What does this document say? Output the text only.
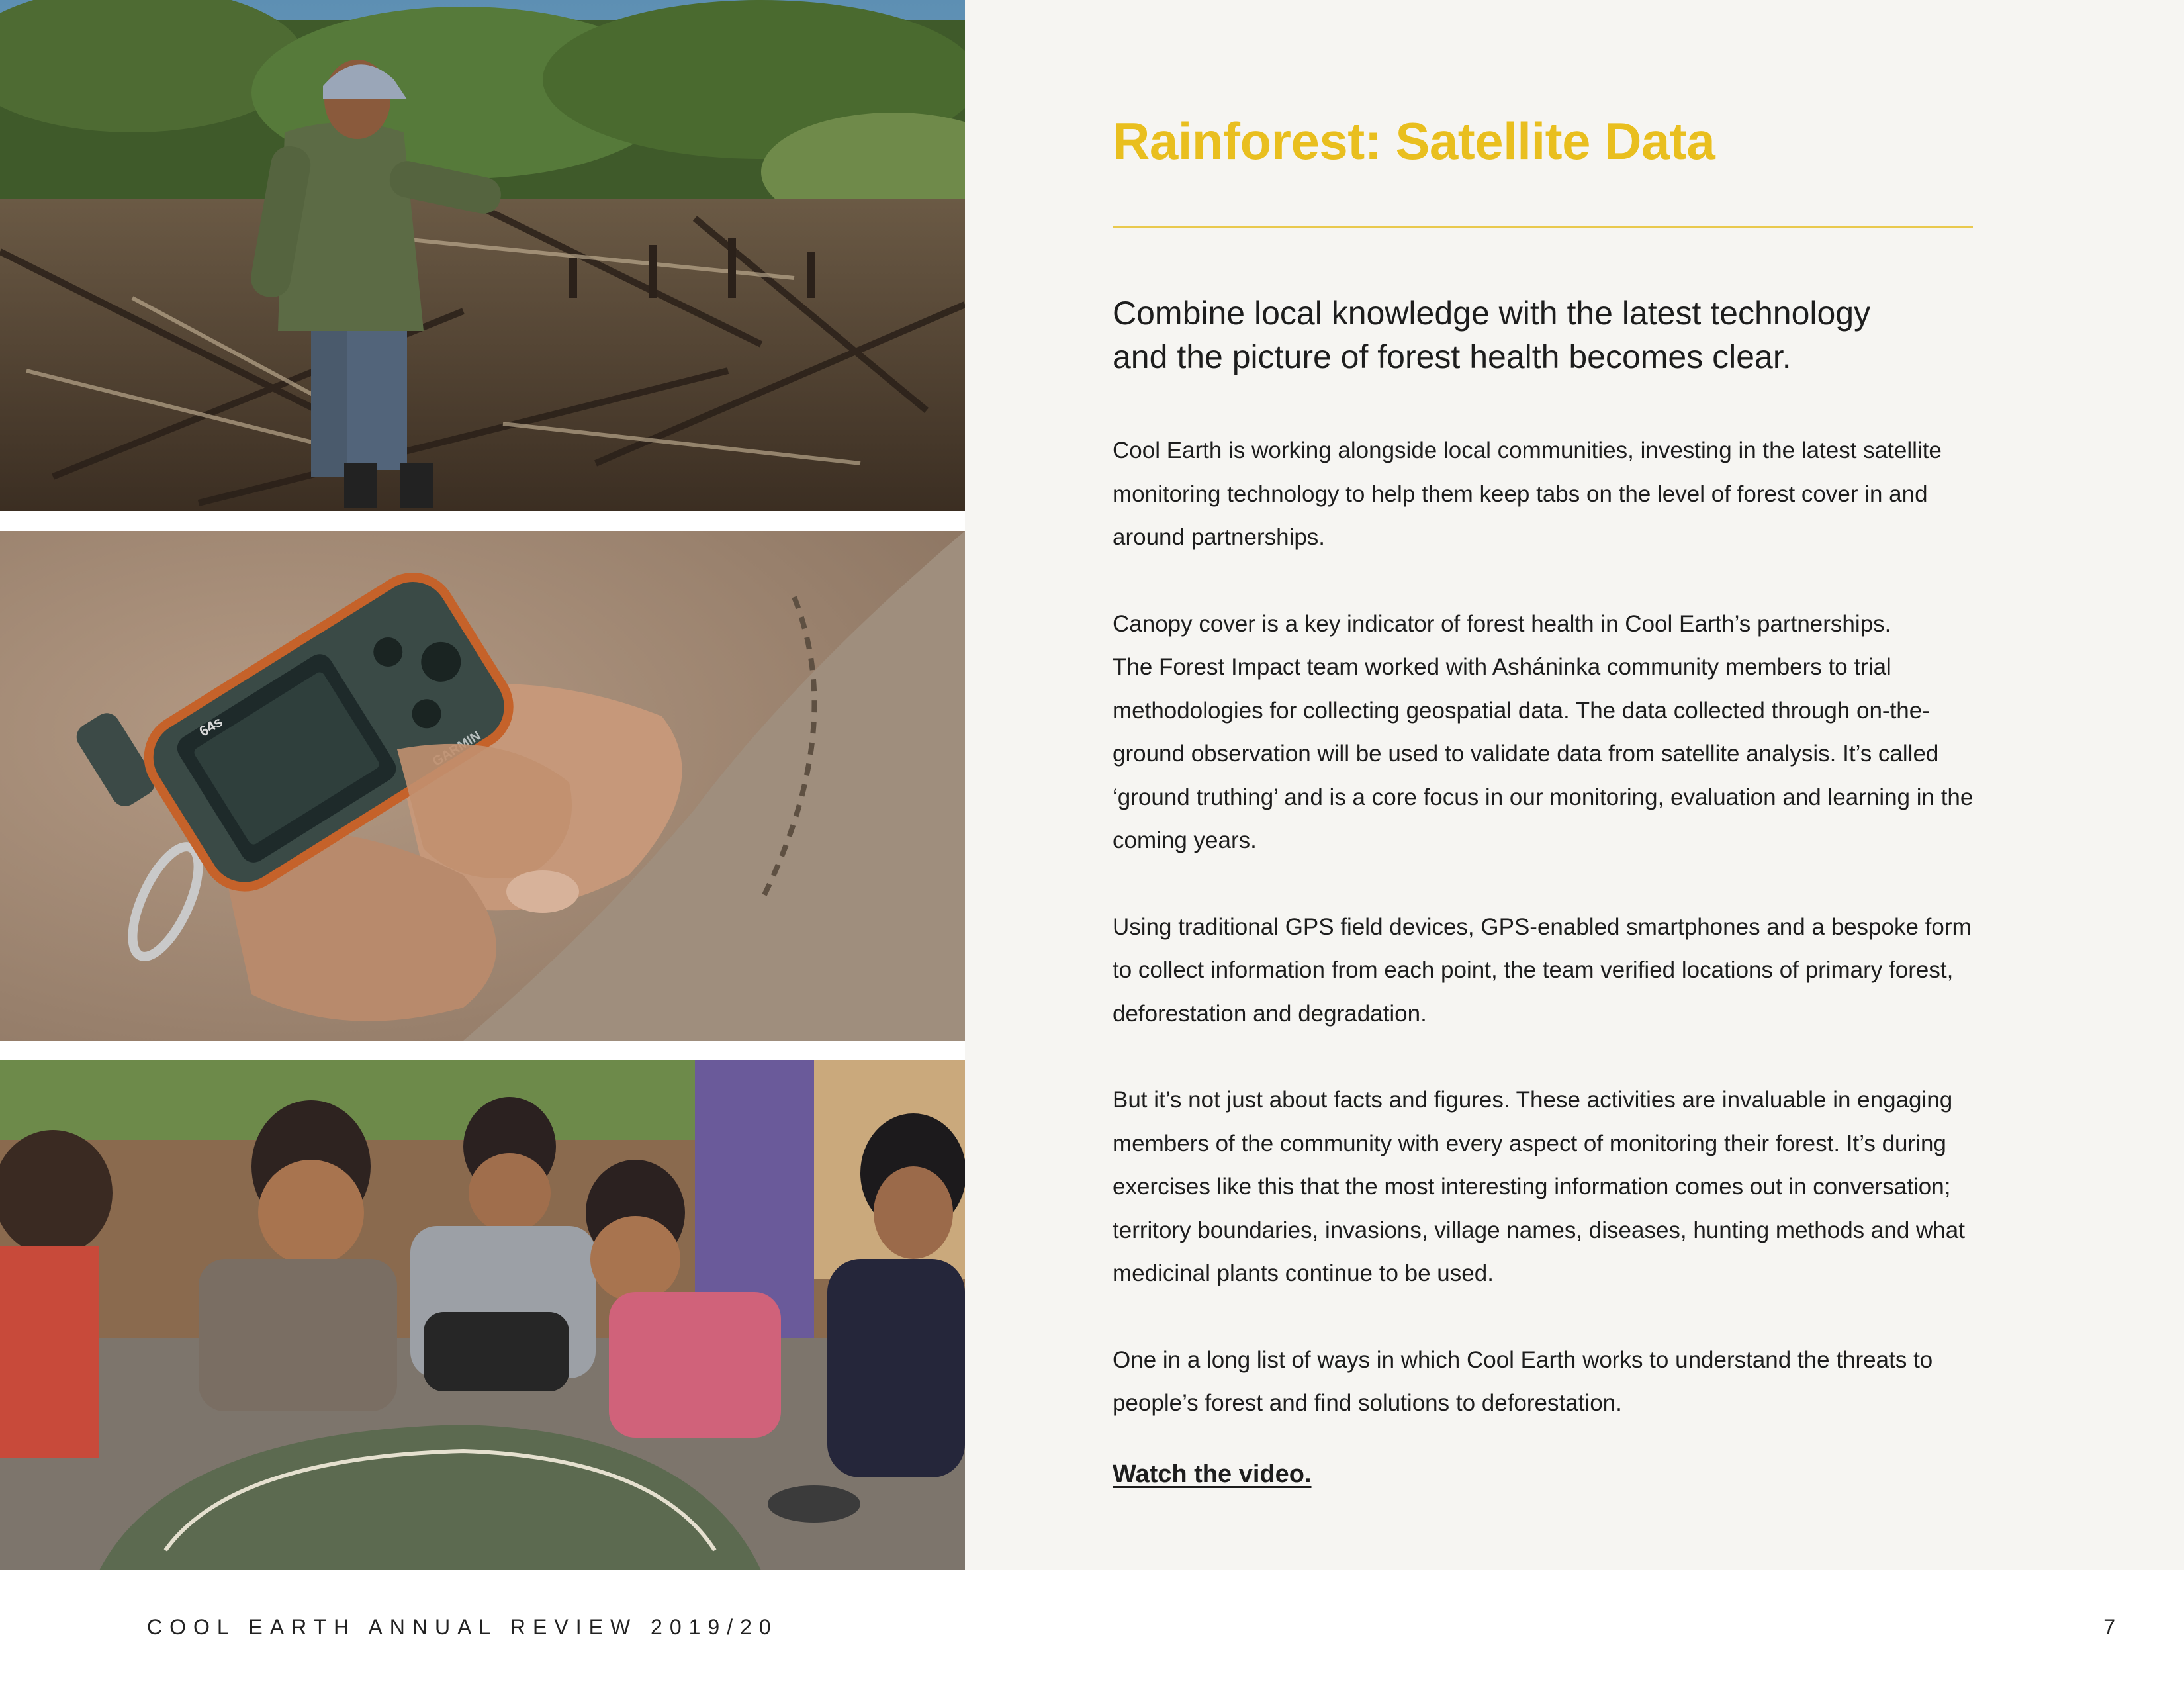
64s
Rainforest: Satellite Data

Combine local knowledge with the latest technology
and the picture of forest health becomes clear.

Cool Earth is working alongside local communities, investing in the latest satellite
monitoring technology to help them keep tabs on the level of forest cover in and
around partnerships.

Canopy cover is a key indicator of forest health in Cool Earth’s partnerships.
The Forest Impact team worked with Asháninka community members to trial
methodologies for collecting geospatial data. The data collected through on-the-
ground observation will be used to validate data from satellite analysis. It’s called
‘ground truthing’ and is a core focus in our monitoring, evaluation and learning in the
coming years.

Using traditional GPS field devices, GPS-enabled smartphones and a bespoke form
to collect information from each point, the team verified locations of primary forest,
deforestation and degradation.

But it’s not just about facts and figures. These activities are invaluable in engaging
members of the community with every aspect of monitoring their forest. It’s during
exercises like this that the most interesting information comes out in conversation;
territory boundaries, invasions, village names, diseases, hunting methods and what
medicinal plants continue to be used.

One in a long list of ways in which Cool Earth works to understand the threats to
people’s forest and find solutions to deforestation.

Watch the video.
COOL EARTH ANNUAL REVIEW 2019/20	7
